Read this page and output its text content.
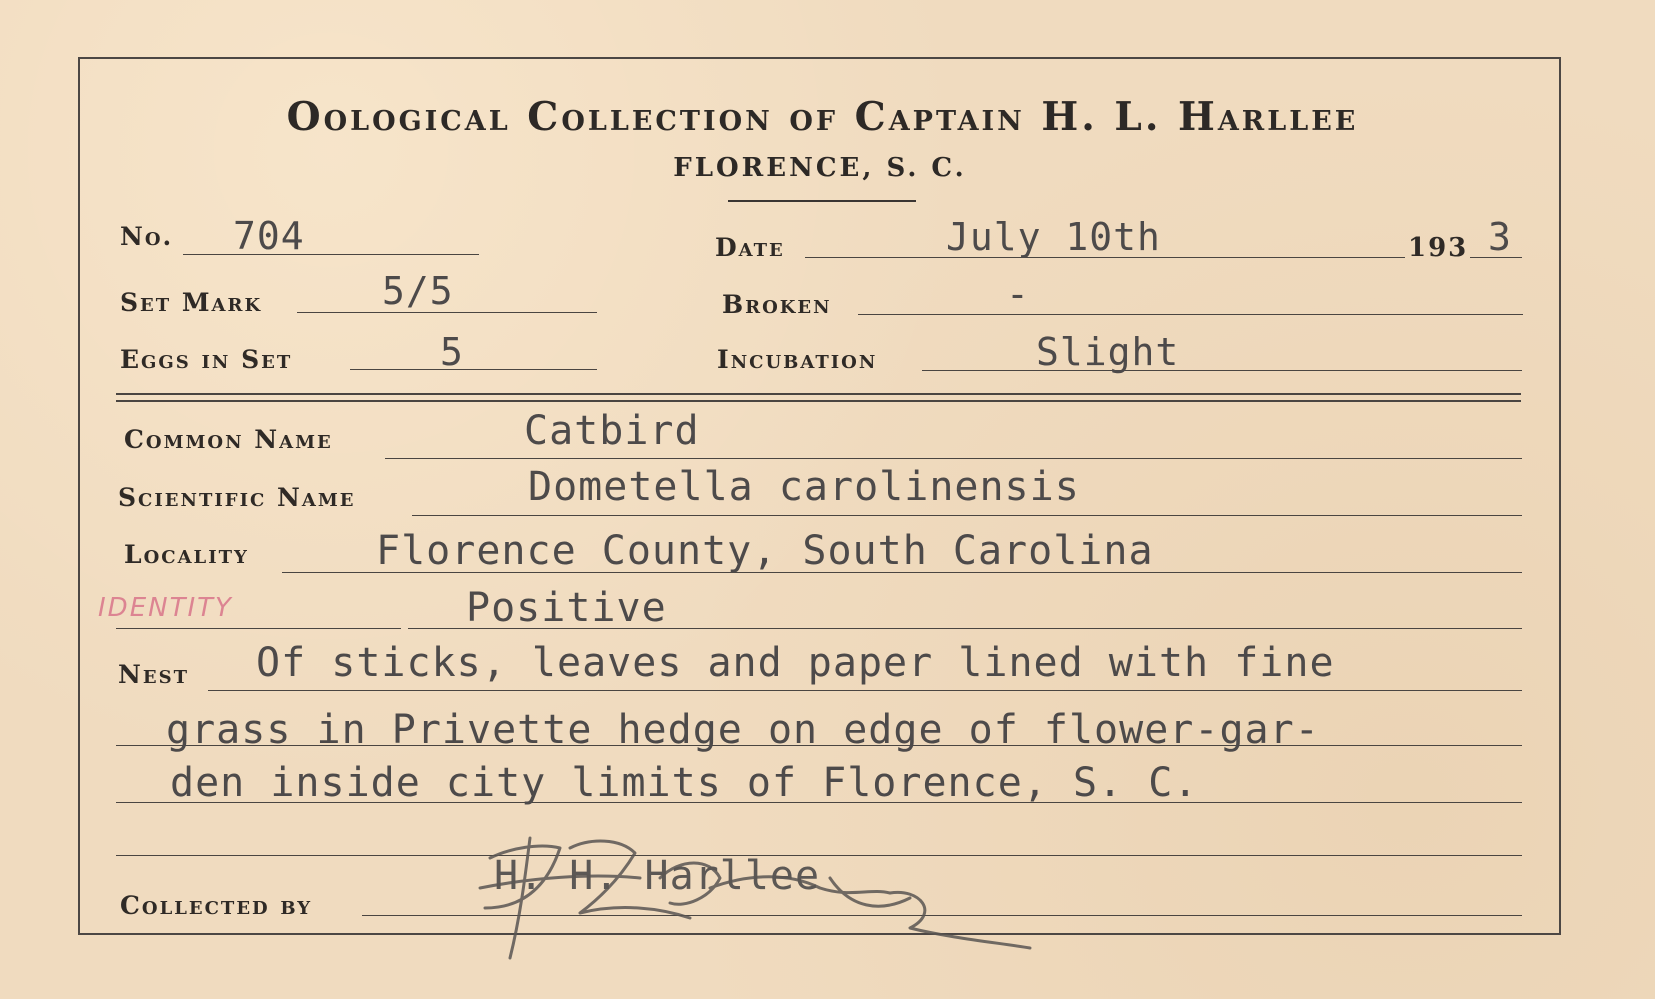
Oological Collection of Captain H. L. Harllee
FLORENCE, S. C.
No. 704	Date	July 10th	193 3
Set Mark	5/5	Broken	-
Eggs in Set	5	Incubation	Slight
Common Name	Catbird
Scientific Name	Dometella carolinensis
Locality	Florence County, South Carolina
IDENTITY	Positive
Nest Of sticks, leaves and paper lined with fine
grass in Privette hedge on edge of flower-gar-
den inside city limits of Florence, S. C.
Collected by
H. H. Harllee
